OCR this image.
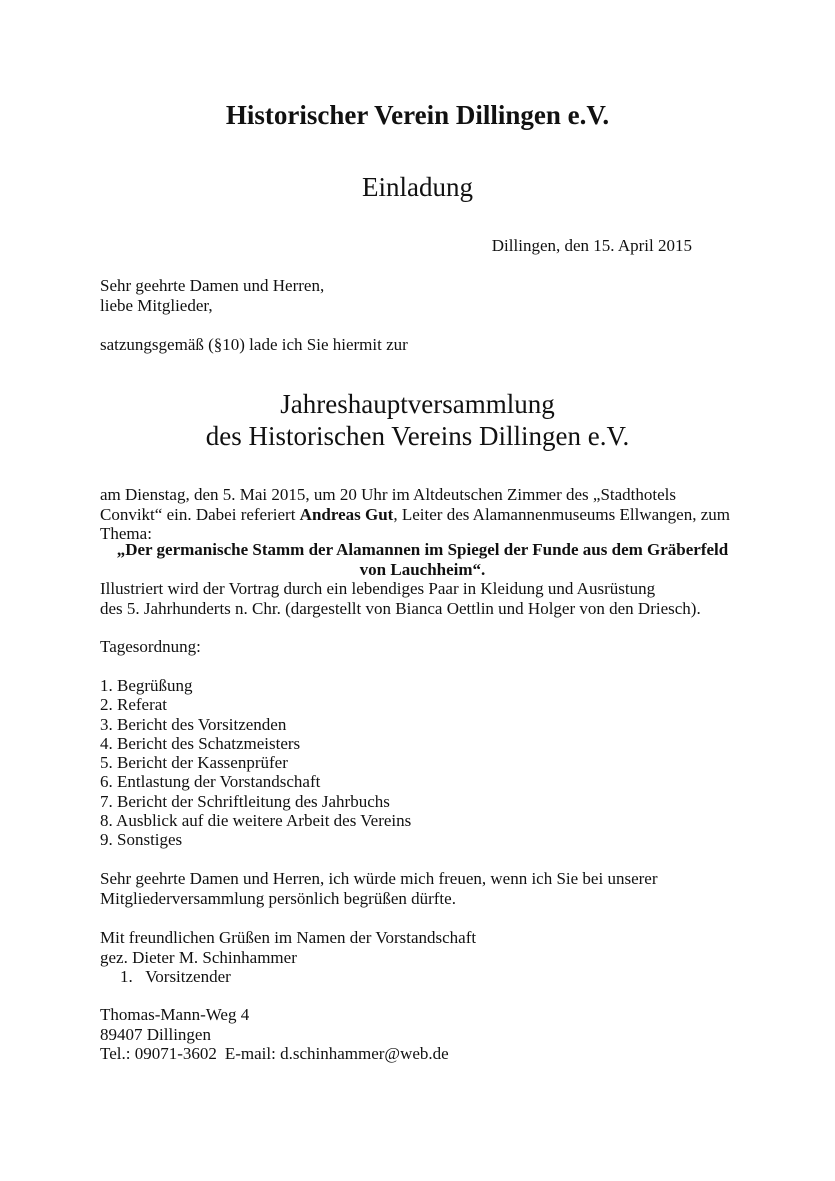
Historischer Verein Dillingen e.V.
Einladung
Dillingen, den 15. April 2015
Sehr geehrte Damen und Herren,
liebe Mitglieder,
satzungsgemäß (§10) lade ich Sie hiermit zur
Jahreshauptversammlung
des Historischen Vereins Dillingen e.V.
am Dienstag, den 5. Mai 2015, um 20 Uhr im Altdeutschen Zimmer des „Stadthotels
Convikt“ ein. Dabei referiert Andreas Gut, Leiter des Alamannenmuseums Ellwangen, zum
Thema:
„Der germanische Stamm der Alamannen im Spiegel der Funde aus dem Gräberfeld
von Lauchheim“.
Illustriert wird der Vortrag durch ein lebendiges Paar in Kleidung und Ausrüstung
des 5. Jahrhunderts n. Chr. (dargestellt von Bianca Oettlin und Holger von den Driesch).
Tagesordnung:
1. Begrüßung
2. Referat
3. Bericht des Vorsitzenden
4. Bericht des Schatzmeisters
5. Bericht der Kassenprüfer
6. Entlastung der Vorstandschaft
7. Bericht der Schriftleitung des Jahrbuchs
8. Ausblick auf die weitere Arbeit des Vereins
9. Sonstiges
Sehr geehrte Damen und Herren, ich würde mich freuen, wenn ich Sie bei unserer
Mitgliederversammlung persönlich begrüßen dürfte.
Mit freundlichen Grüßen im Namen der Vorstandschaft
gez. Dieter M. Schinhammer
1.   Vorsitzender
Thomas-Mann-Weg 4
89407 Dillingen
Tel.: 09071-3602 E-mail: d.schinhammer@web.de
